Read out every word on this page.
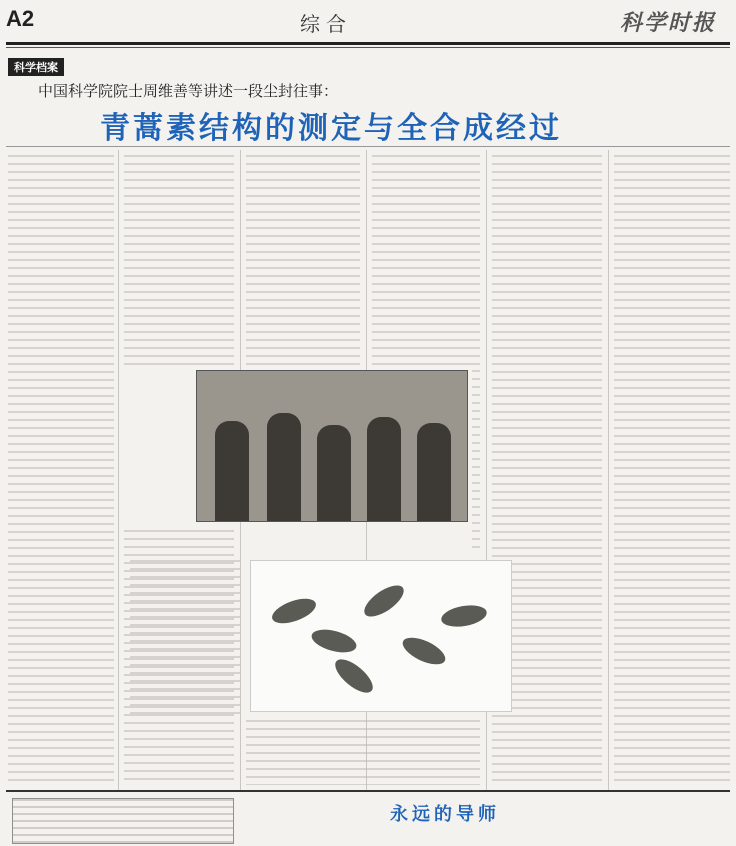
A2	综合	科学时报
科学档案
中国科学院院士周维善等讲述一段尘封往事：
青蒿素结构的测定与全合成经过
永远的导师
